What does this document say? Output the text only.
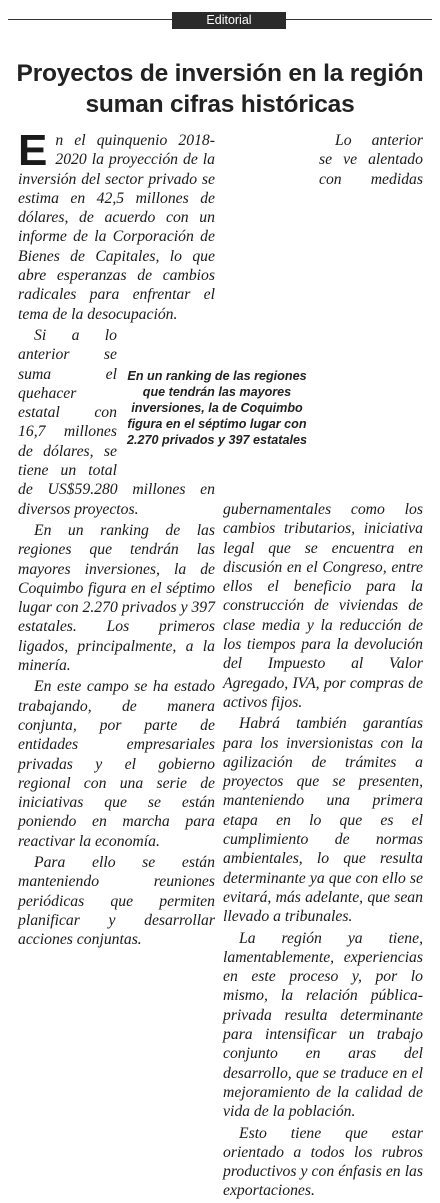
Editorial
Proyectos de inversión en la región suman cifras históricas

En el quinquenio 2018-2020 la proyección de la inversión del sector privado se estima en 42,5 millones de dólares, de acuerdo con un informe de la Corporación de Bienes de Capitales, lo que abre esperanzas de cambios radicales para enfrentar el tema de la desocupación.

Si a lo anterior se suma el quehacer estatal con 16,7 millones de dólares, se tiene un total de US$59.280 millones en diversos proyectos.

En un ranking de las regiones que tendrán las mayores inversiones, la de Coquimbo figura en el séptimo lugar con 2.270 privados y 397 estatales. Los primeros ligados, principalmente, a la minería.

En este campo se ha estado trabajando, de manera conjunta, por parte de entidades empresariales privadas y el gobierno regional con una serie de iniciativas que se están poniendo en marcha para reactivar la economía.

Para ello se están manteniendo reuniones periódicas que permiten planificar y desarrollar acciones conjuntas.

Lo anterior se ve alentado con medidas gubernamentales como los cambios tributarios, iniciativa legal que se encuentra en discusión en el Congreso, entre ellos el beneficio para la construcción de viviendas de clase media y la reducción de los tiempos para la devolución del Impuesto al Valor Agregado, IVA, por compras de activos fijos.

Habrá también garantías para los inversionistas con la agilización de trámites a proyectos que se presenten, manteniendo una primera etapa en lo que es el cumplimiento de normas ambientales, lo que resulta determinante ya que con ello se evitará, más adelante, que sean llevado a tribunales.

La región ya tiene, lamentablemente, experiencias en este proceso y, por lo mismo, la relación pública-privada resulta determinante para intensificar un trabajo conjunto en aras del desarrollo, que se traduce en el mejoramiento de la calidad de vida de la población.

Esto tiene que estar orientado a todos los rubros productivos y con énfasis en las exportaciones.

En un ranking de las regiones que tendrán las mayores inversiones, la de Coquimbo figura en el séptimo lugar con 2.270 privados y 397 estatales
